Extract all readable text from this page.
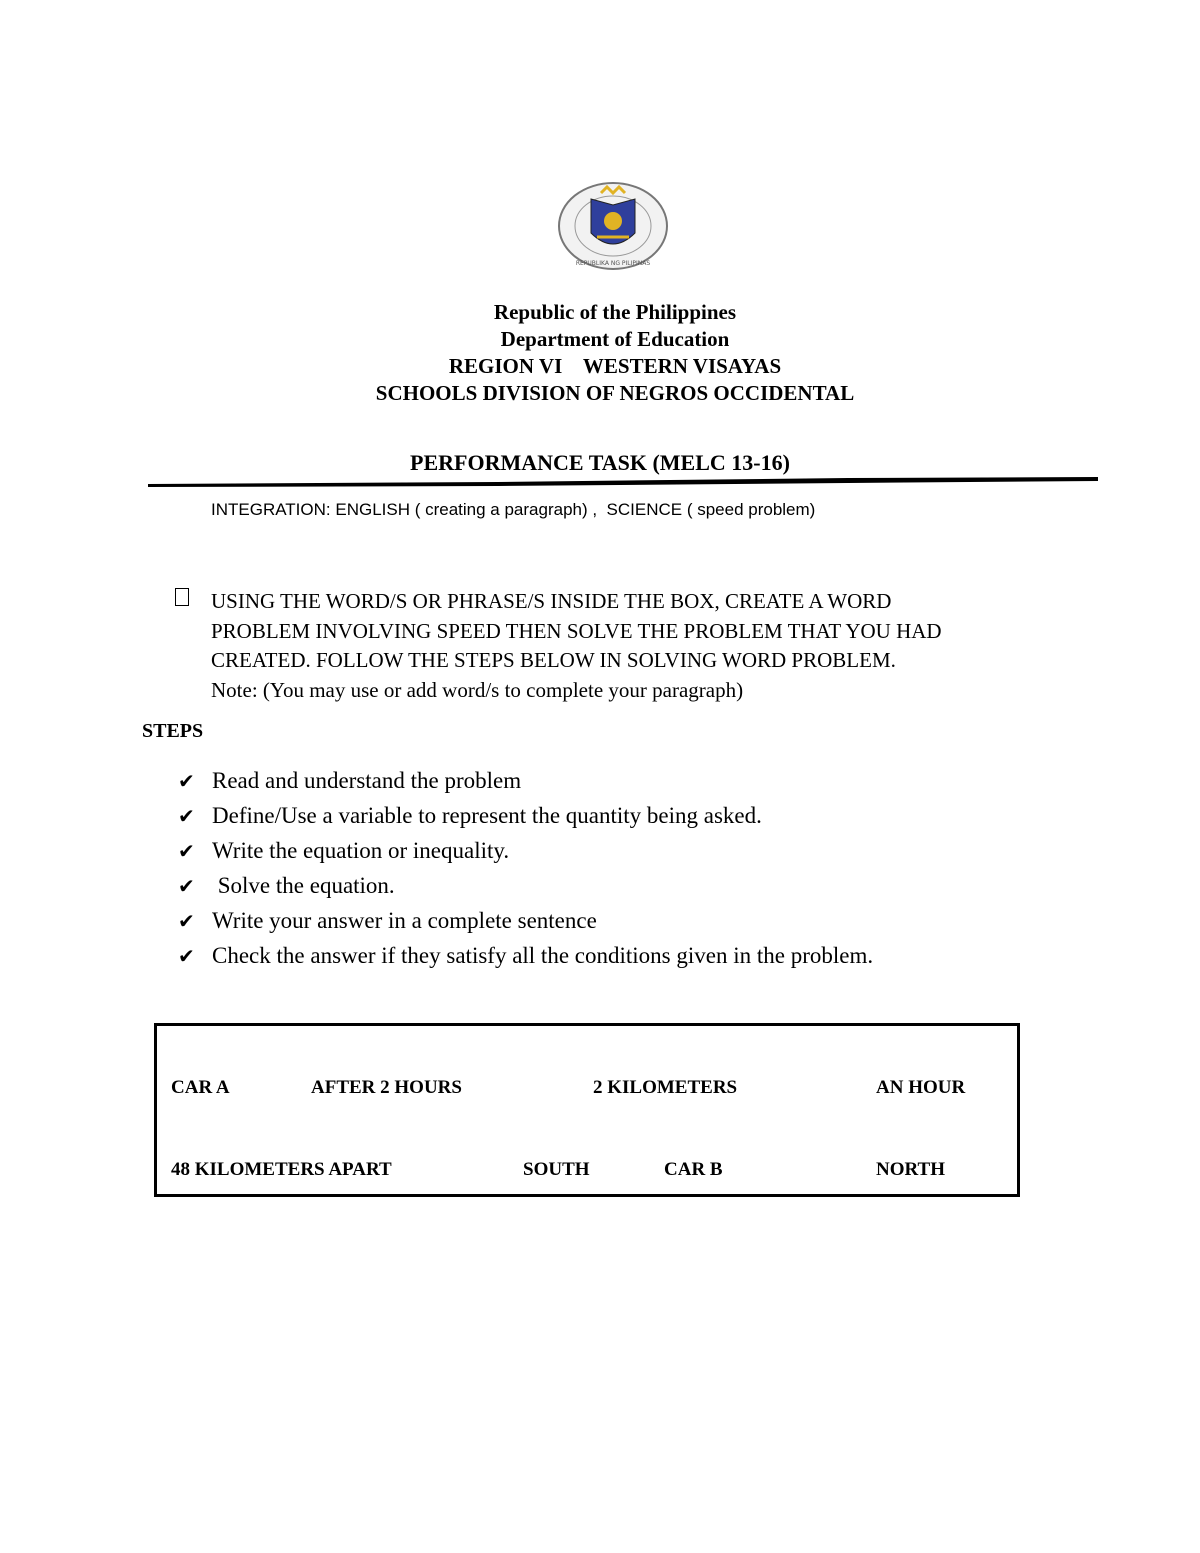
REPUBLIKA NG PILIPINAS
Republic of the Philippines
Department of Education
REGION VI    WESTERN VISAYAS
SCHOOLS DIVISION OF NEGROS OCCIDENTAL
PERFORMANCE TASK (MELC 13-16)
INTEGRATION: ENGLISH ( creating a paragraph) ,  SCIENCE ( speed problem)
USING THE WORD/S OR PHRASE/S INSIDE THE BOX, CREATE A WORD
PROBLEM INVOLVING SPEED THEN SOLVE THE PROBLEM THAT YOU HAD
CREATED. FOLLOW THE STEPS BELOW IN SOLVING WORD PROBLEM.
Note: (You may use or add word/s to complete your paragraph)
STEPS
✔ Read and understand the problem
✔ Define/Use a variable to represent the quantity being asked.
✔ Write the equation or inequality.
✔ Solve the equation.
✔ Write your answer in a complete sentence
✔ Check the answer if they satisfy all the conditions given in the problem.
CAR A	AFTER 2 HOURS	2 KILOMETERS	AN HOUR
48 KILOMETERS APART	SOUTH	CAR B	NORTH
